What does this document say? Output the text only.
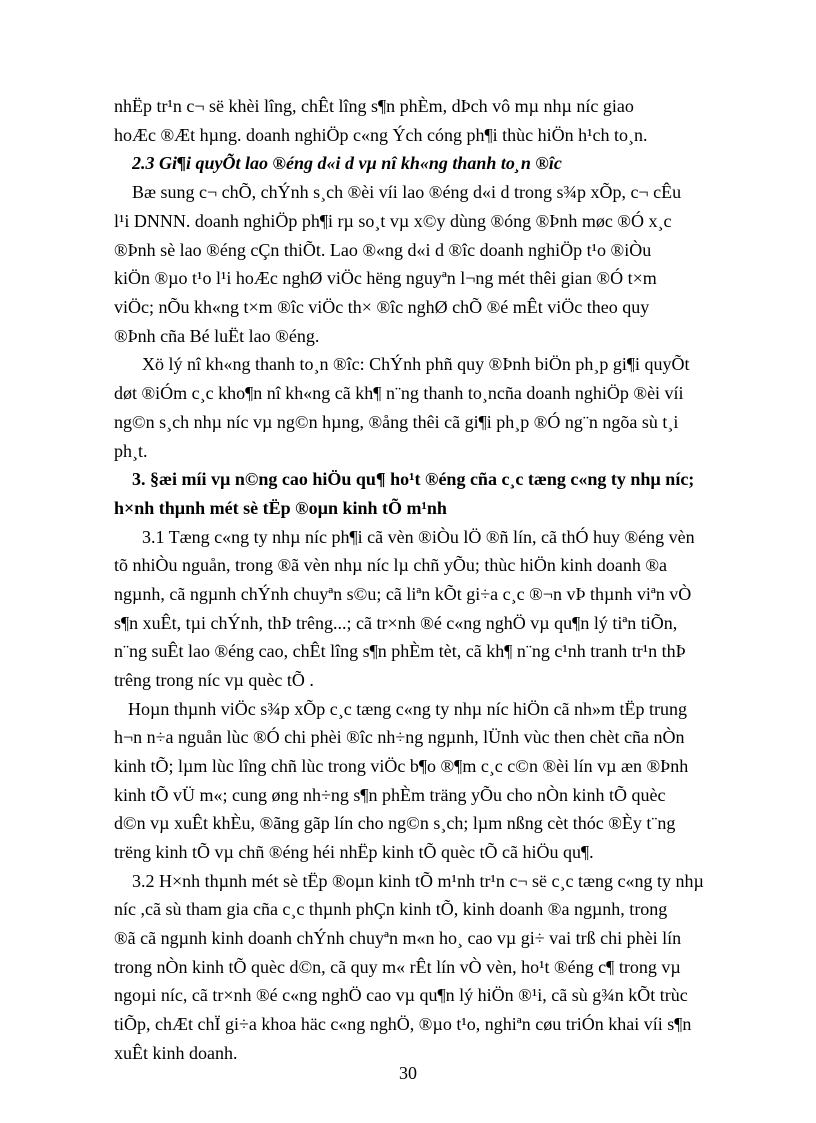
nhËp tr¹n c¬ së khèi lîng, chÊt lîng s¶n phÈm, dÞch vô mµ nhµ níc giao
hoÆc ®Æt hµng. doanh nghiÖp c«ng Ých cóng ph¶i thùc hiÖn h¹ch to¸n.
2.3 Gi¶i quyÕt lao ®éng d«i d vµ nî kh«ng thanh to¸n ®îc
Bæ sung c¬ chÕ, chÝnh s¸ch ®èi víi lao ®éng d«i d trong s¾p xÕp, c¬ cÊu
l¹i DNNN. doanh nghiÖp ph¶i rµ so¸t vµ x©y dùng ®óng ®Þnh møc ®Ó x¸c
®Þnh sè lao ®éng cÇn thiÕt. Lao ®«ng d«i d ®îc doanh nghiÖp t¹o ®iÒu
kiÖn ®µo t¹o l¹i hoÆc nghØ viÖc hëng nguyªn l¬ng mét thêi gian ®Ó t×m
viÖc; nÕu kh«ng t×m ®îc viÖc th× ®îc nghØ chÕ ®é mÊt viÖc theo quy
®Þnh cña Bé luËt lao ®éng.
Xö lý nî kh«ng thanh to¸n ®îc: ChÝnh phñ quy ®Þnh biÖn ph¸p gi¶i quyÕt
døt ®iÓm c¸c kho¶n nî kh«ng cã kh¶ n¨ng thanh to¸ncña doanh nghiÖp ®èi víi
ng©n s¸ch nhµ níc vµ ng©n hµng, ®ång thêi cã gi¶i ph¸p ®Ó ng¨n ngõa sù t¸i
ph¸t.
3. §æi míi vµ n©ng cao hiÖu qu¶ ho¹t ®éng cña c¸c tæng c«ng ty nhµ níc;
h×nh thµnh mét sè tËp ®oµn kinh tÕ m¹nh
3.1 Tæng c«ng ty nhµ níc ph¶i cã vèn ®iÒu lÖ ®ñ lín, cã thÓ huy ®éng vèn
tõ nhiÒu nguån, trong ®ã vèn nhµ níc lµ chñ yÕu; thùc hiÖn kinh doanh ®a
ngµnh, cã ngµnh chÝnh chuyªn s©u; cã liªn kÕt gi÷a c¸c ®¬n vÞ thµnh viªn vÒ
s¶n xuÊt, tµi chÝnh, thÞ trêng...; cã tr×nh ®é c«ng nghÖ vµ qu¶n lý tiªn tiÕn,
n¨ng suÊt lao ®éng cao, chÊt lîng s¶n phÈm tèt, cã kh¶ n¨ng c¹nh tranh tr¹n thÞ
trêng trong níc vµ quèc tÕ .
Hoµn thµnh viÖc s¾p xÕp c¸c tæng c«ng ty nhµ níc hiÖn cã nh»m tËp trung
h¬n n÷a nguån lùc ®Ó chi phèi ®îc nh÷ng ngµnh, lÜnh vùc then chèt cña nÒn
kinh tÕ; lµm lùc lîng chñ lùc trong viÖc b¶o ®¶m c¸c c©n ®èi lín vµ æn ®Þnh
kinh tÕ vÜ m«; cung øng nh÷ng s¶n phÈm träng yÕu cho nÒn kinh tÕ quèc
d©n vµ xuÊt khÈu, ®ãng gãp lín cho ng©n s¸ch; lµm nßng cèt thóc ®Èy t¨ng
trëng kinh tÕ vµ chñ ®éng héi nhËp kinh tÕ quèc tÕ cã hiÖu qu¶.
3.2 H×nh thµnh mét sè tËp ®oµn kinh tÕ m¹nh tr¹n c¬ së c¸c tæng c«ng ty nhµ
níc ,cã sù tham gia cña c¸c thµnh phÇn kinh tÕ, kinh doanh ®a ngµnh, trong
®ã cã ngµnh kinh doanh chÝnh chuyªn m«n ho¸ cao vµ gi÷ vai trß chi phèi lín
trong nÒn kinh tÕ quèc d©n, cã quy m« rÊt lín vÒ vèn, ho¹t ®éng c¶ trong vµ
ngoµi níc, cã tr×nh ®é c«ng nghÖ cao vµ qu¶n lý hiÖn ®¹i, cã sù g¾n kÕt trùc
tiÕp, chÆt chÏ gi÷a khoa häc c«ng nghÖ, ®µo t¹o, nghiªn cøu triÓn khai víi s¶n
xuÊt kinh doanh.
30
